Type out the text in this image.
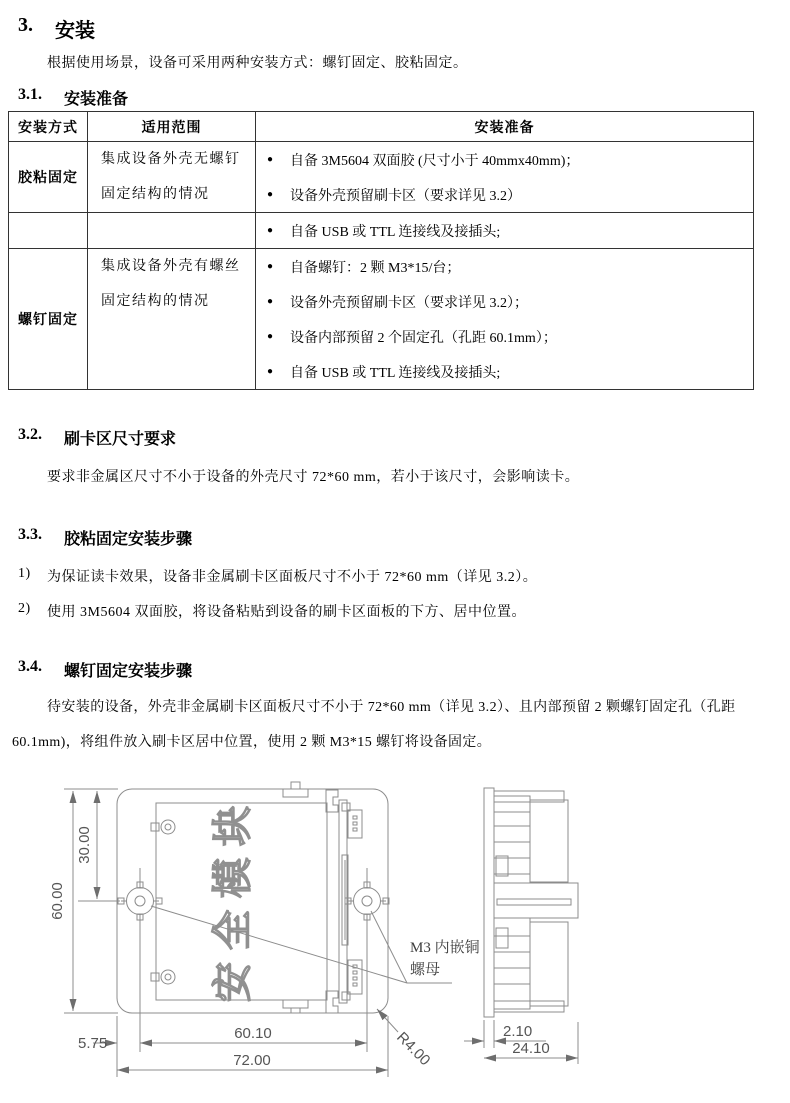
3.	安装
根据使用场景，设备可采用两种安装方式：螺钉固定、胶粘固定。
3.1.	安装准备
安装方式	适用范围	安装准备
胶粘固定	集成设备外壳无螺钉固定结构的情况	● 自备 3M5604 双面胶 (尺寸小于 40mmx40mm)；
● 设备外壳预留刷卡区（要求详见 3.2）

		● 自备 USB 或 TTL 连接线及接插头;

螺钉固定	集成设备外壳有螺丝固定结构的情况	
● 自备螺钉：2 颗 M3*15/台；
● 设备外壳预留刷卡区（要求详见 3.2）；
● 设备内部预留 2 个固定孔（孔距 60.1mm）；
● 自备 USB 或 TTL 连接线及接插头;
3.2.	刷卡区尺寸要求
要求非金属区尺寸不小于设备的外壳尺寸 72*60 mm，若小于该尺寸，会影响读卡。
3.3.	胶粘固定安装步骤
1)	为保证读卡效果，设备非金属刷卡区面板尺寸不小于 72*60 mm（详见 3.2）。
2)	使用 3M5604 双面胶，将设备粘贴到设备的刷卡区面板的下方、居中位置。
3.4.	螺钉固定安装步骤
待安装的设备，外壳非金属刷卡区面板尺寸不小于 72*60 mm（详见 3.2）、且内部预留 2 颗螺钉固定孔（孔距 60.1mm)，将组件放入刷卡区居中位置，使用 2 颗 M3*15 螺钉将设备固定。
安全模块	M3 内嵌铜
螺母
60.00
30.00
5.75
60.10
72.00	R4.00	2.10
24.10
